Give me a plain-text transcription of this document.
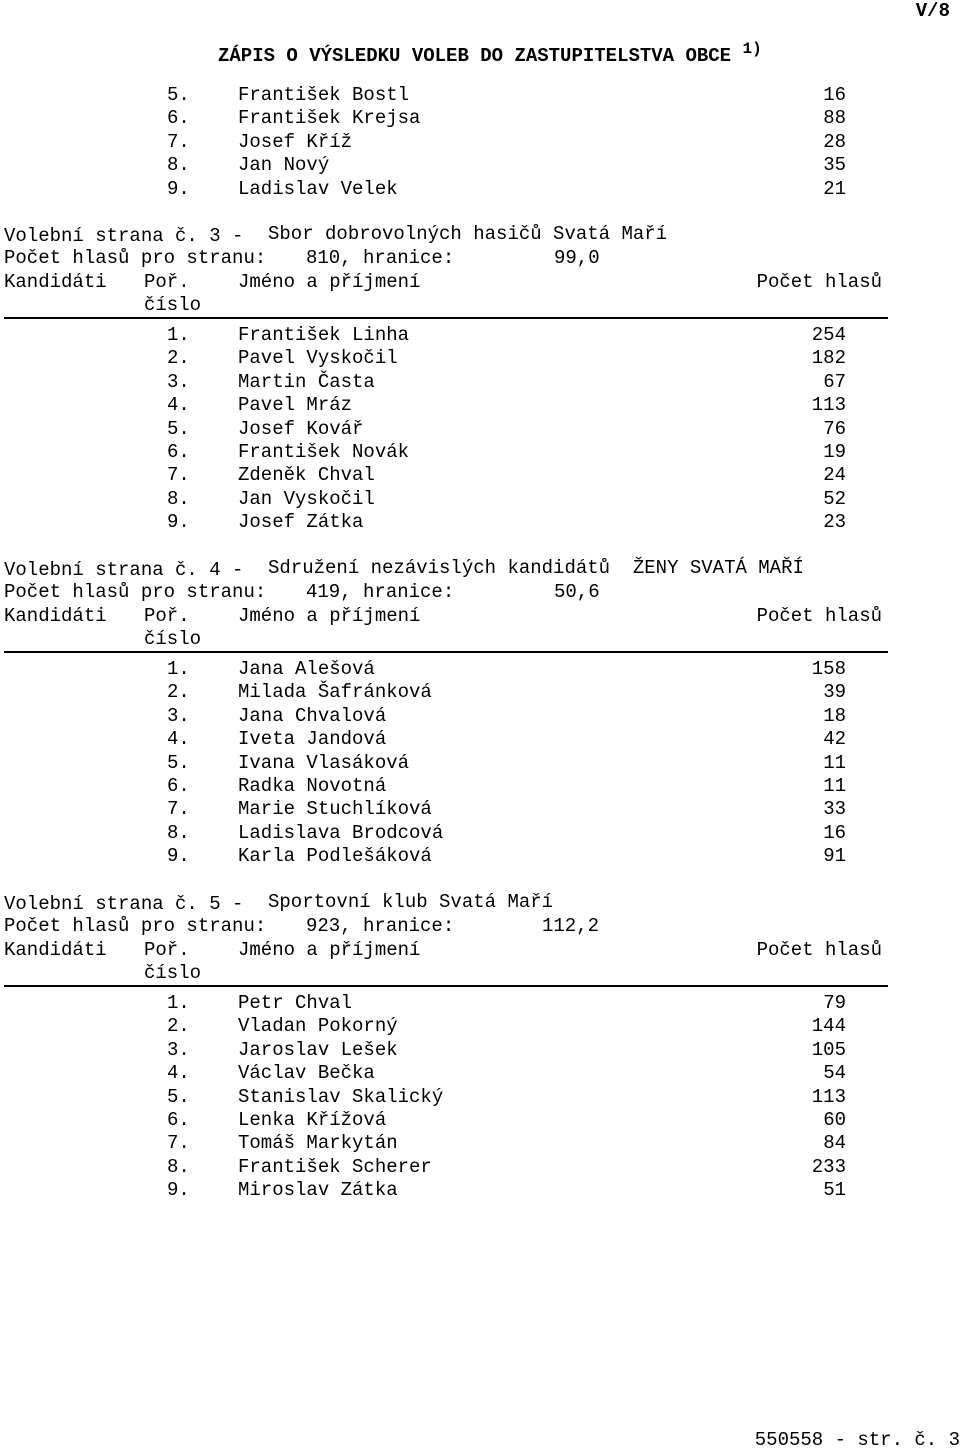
V/8
ZÁPIS O VÝSLEDKU VOLEB DO ZASTUPITELSTVA OBCE $^{1)}$
5.	František Bostl	16
6.	František Krejsa	88
7.	Josef Kříž	28
8.	Jan Nový	35
9.	Ladislav Velek	21
Volební strana č. 3 - Sbor dobrovolných hasičů Svatá Maří
Počet hlasů pro stranu: 810, hranice:	99,0
Kandidáti Poř.	Jméno a příjmení	Počet hlasů
číslo
1.	František Linha	254
2.	Pavel Vyskočil	182
3.	Martin Časta	67
4.	Pavel Mráz	113
5.	Josef Kovář	76
6.	František Novák	19
7.	Zdeněk Chval	24
8.	Jan Vyskočil	52
9.	Josef Zátka	23
Volební strana č. 4 - Sdružení nezávislých kandidátů  ŽENY SVATÁ MAŘÍ
Počet hlasů pro stranu: 419, hranice:	50,6
Kandidáti Poř.	Jméno a příjmení	Počet hlasů
číslo
1.	Jana Alešová	158
2.	Milada Šafránková	39
3.	Jana Chvalová	18
4.	Iveta Jandová	42
5.	Ivana Vlasáková	11
6.	Radka Novotná	11
7.	Marie Stuchlíková	33
8.	Ladislava Brodcová	16
9.	Karla Podlešáková	91
Volební strana č. 5 - Sportovní klub Svatá Maří
Počet hlasů pro stranu: 923, hranice:	112,2
Kandidáti Poř.	Jméno a příjmení	Počet hlasů
číslo
1.	Petr Chval	79
2.	Vladan Pokorný	144
3.	Jaroslav Lešek	105
4.	Václav Bečka	54
5.	Stanislav Skalický	113
6.	Lenka Křížová	60
7.	Tomáš Markytán	84
8.	František Scherer	233
9.	Miroslav Zátka	51
550558 - str. č. 3
